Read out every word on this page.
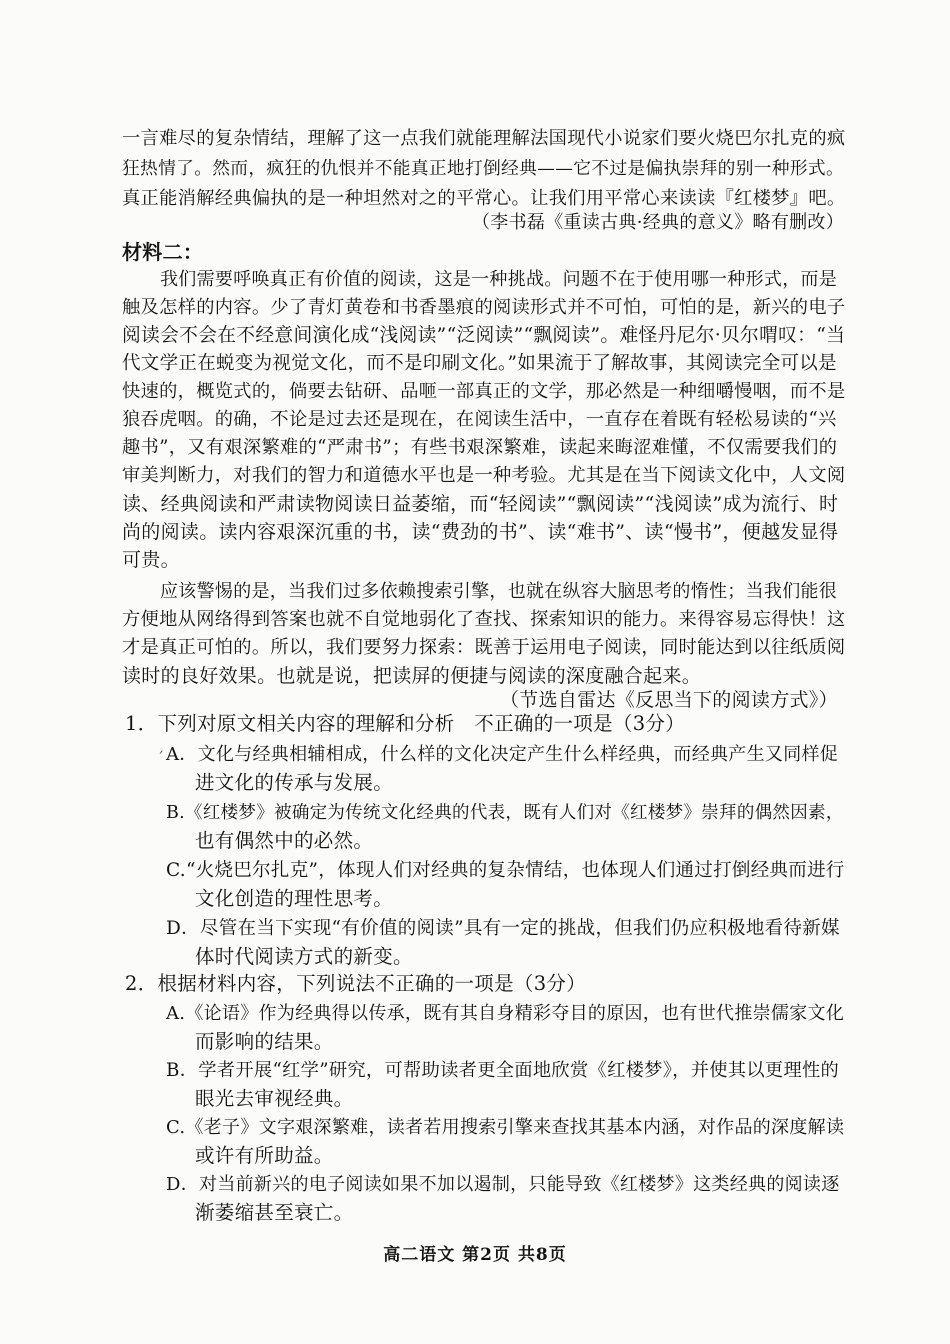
一言难尽的复杂情结，理解了这一点我们就能理解法国现代小说家们要火烧巴尔扎克的疯
狂热情了。然而，疯狂的仇恨并不能真正地打倒经典——它不过是偏执崇拜的别一种形式。
真正能消解经典偏执的是一种坦然对之的平常心。让我们用平常心来读读『红楼梦』吧。
（李书磊《重读古典·经典的意义》略有删改）
材料二：
我们需要呼唤真正有价值的阅读，这是一种挑战。问题不在于使用哪一种形式，而是
触及怎样的内容。少了青灯黄卷和书香墨痕的阅读形式并不可怕，可怕的是，新兴的电子
阅读会不会在不经意间演化成“浅阅读”“泛阅读”“飘阅读”。难怪丹尼尔·贝尔喟叹：“当
代文学正在蜕变为视觉文化，而不是印刷文化。”如果流于了解故事，其阅读完全可以是
快速的，概览式的，倘要去钻研、品咂一部真正的文学，那必然是一种细嚼慢咽，而不是
狼吞虎咽。的确，不论是过去还是现在，在阅读生活中，一直存在着既有轻松易读的“兴
趣书”，又有艰深繁难的“严肃书”；有些书艰深繁难，读起来晦涩难懂，不仅需要我们的
审美判断力，对我们的智力和道德水平也是一种考验。尤其是在当下阅读文化中，人文阅
读、经典阅读和严肃读物阅读日益萎缩，而“轻阅读”“飘阅读”“浅阅读”成为流行、时
尚的阅读。读内容艰深沉重的书，读“费劲的书”、读“难书”、读“慢书”，便越发显得
可贵。
应该警惕的是，当我们过多依赖搜索引擎，也就在纵容大脑思考的惰性；当我们能很
方便地从网络得到答案也就不自觉地弱化了查找、探索知识的能力。来得容易忘得快！这
才是真正可怕的。所以，我们要努力探索：既善于运用电子阅读，同时能达到以往纸质阅
读时的良好效果。也就是说，把读屏的便捷与阅读的深度融合起来。
（节选自雷达《反思当下的阅读方式》）
1．下列对原文相关内容的理解和分析　不正确的一项是（3分）
ˏ A．文化与经典相辅相成，什么样的文化决定产生什么样经典，而经典产生又同样促
进文化的传承与发展。
B.《红楼梦》被确定为传统文化经典的代表，既有人们对《红楼梦》崇拜的偶然因素，
也有偶然中的必然。
C.“火烧巴尔扎克”，体现人们对经典的复杂情结，也体现人们通过打倒经典而进行
文化创造的理性思考。
D．尽管在当下实现“有价值的阅读”具有一定的挑战，但我们仍应积极地看待新媒
体时代阅读方式的新变。
2．根据材料内容，下列说法不正确的一项是（3分）
A.《论语》作为经典得以传承，既有其自身精彩夺目的原因，也有世代推崇儒家文化
而影响的结果。
B．学者开展“红学”研究，可帮助读者更全面地欣赏《红楼梦》，并使其以更理性的
眼光去审视经典。
C.《老子》文字艰深繁难，读者若用搜索引擎来查找其基本内涵，对作品的深度解读
或许有所助益。
D．对当前新兴的电子阅读如果不加以遏制，只能导致《红楼梦》这类经典的阅读逐
渐萎缩甚至衰亡。
高二语文 第2页 共8页
